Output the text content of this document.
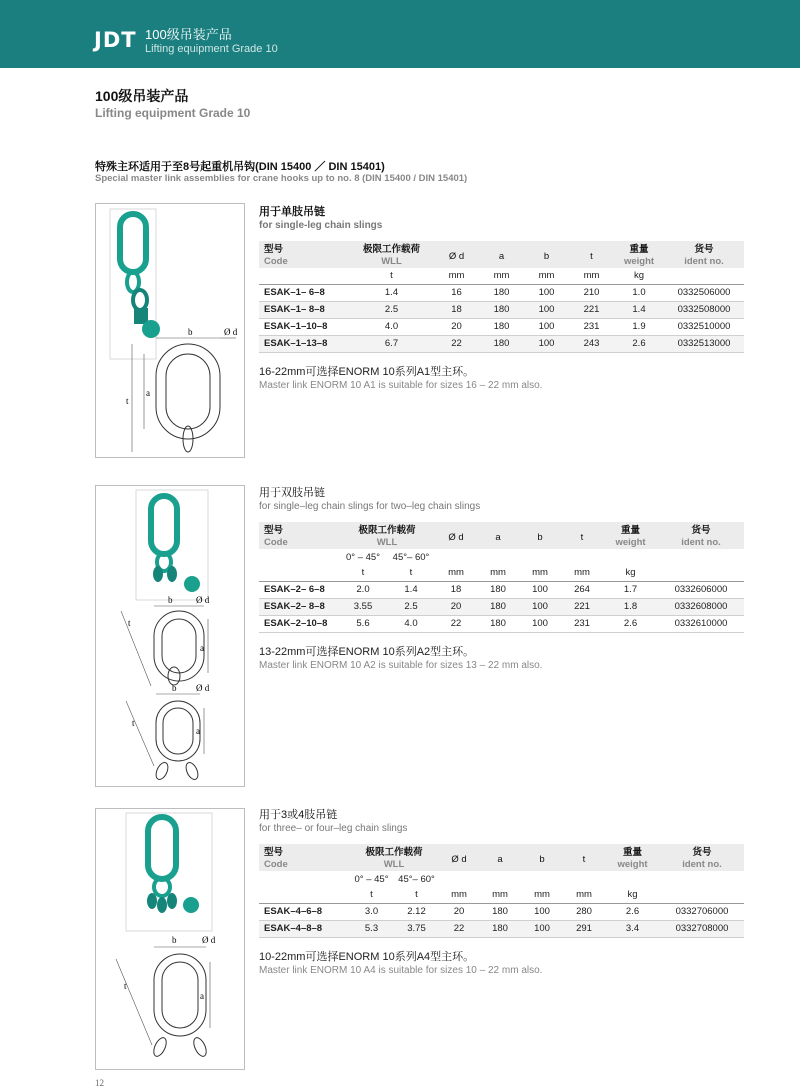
JDT 100级吊装产品
Lifting equipment Grade 10
100级吊装产品
Lifting equipment Grade 10
特殊主环适用于至8号起重机吊钩(DIN 15400 ／ DIN 15401)
Special master link assemblies for crane hooks up to no. 8 (DIN 15400 / DIN 15401)
b	Ø d
a
t
用于单肢吊链
for single-leg chain slings
型号
Code	极限工作载荷
WLL	Ø d	a	b	t	重量
weight	货号
ident no.

	t	mm	mm	mm	mm	kg	
ESAK–1– 6–8	1.4	16	180	100	210	1.0	0332506000
ESAK–1– 8–8	2.5	18	180	100	221	1.4	0332508000
ESAK–1–10–8	4.0	20	180	100	231	1.9	0332510000
ESAK–1–13–8	6.7	22	180	100	243	2.6	0332513000
16-22mm可选择ENORM 10系列A1型主环。
Master link ENORM 10 A1 is suitable for sizes 16 – 22 mm also.
b	Ø d
a
t
b Ø d
a
t
用于双肢吊链
for single–leg chain slings for two–leg chain slings
型号
Code	极限工作载荷
WLL		Ø d	a	b	t	重量
weight	货号
ident no.

	0° – 45°	45°– 60°						
	t	t	mm	mm	mm	mm	kg	
ESAK–2– 6–8	2.0	1.4	18	180	100	264	1.7	0332606000
ESAK–2– 8–8	3.55	2.5	20	180	100	221	1.8	0332608000
ESAK–2–10–8	5.6	4.0	22	180	100	231	2.6	0332610000
13-22mm可选择ENORM 10系列A2型主环。
Master link ENORM 10 A2 is suitable for sizes 13 – 22 mm also.
b	Ø d
a
t
用于3或4肢吊链
for three– or four–leg chain slings
型号
Code	极限工作载荷
WLL		Ø d	a	b	t	重量
weight	货号
ident no.

	0° – 45°	45°– 60°						
	t	t	mm	mm	mm	mm	kg	
ESAK–4–6–8	3.0	2.12	20	180	100	280	2.6	0332706000
ESAK–4–8–8	5.3	3.75	22	180	100	291	3.4	0332708000
10-22mm可选择ENORM 10系列A4型主环。
Master link ENORM 10 A4 is suitable for sizes 10 – 22 mm also.
12
